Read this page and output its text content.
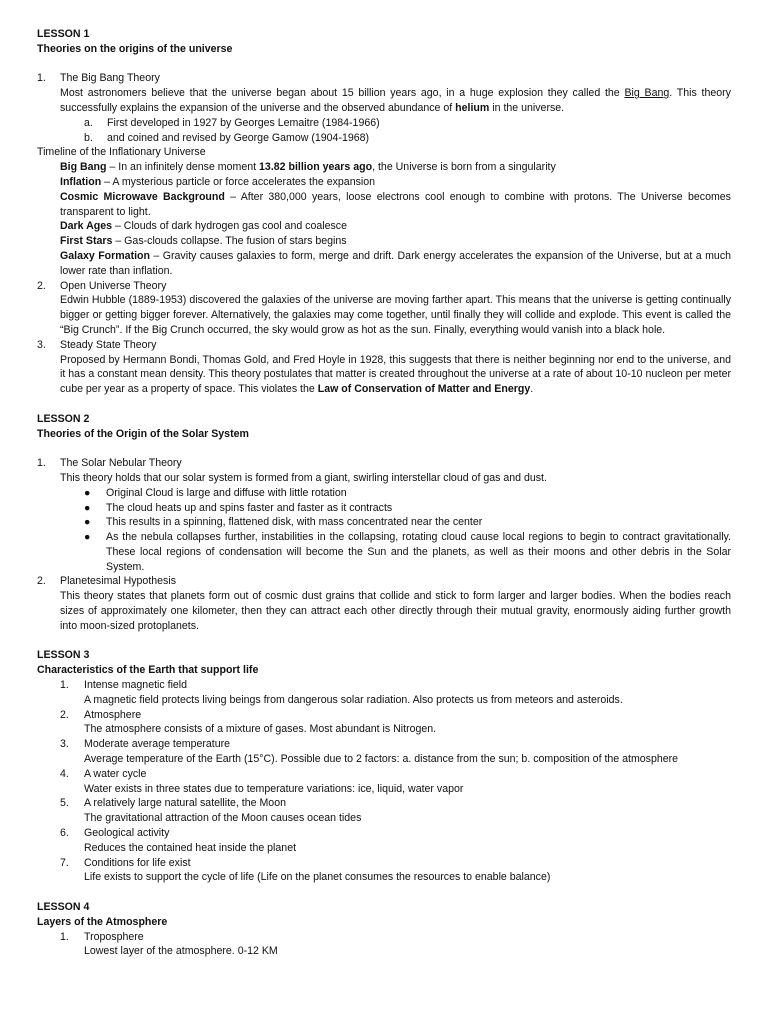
LESSON 1
Theories on the origins of the universe
1. The Big Bang Theory
Most astronomers believe that the universe began about 15 billion years ago, in a huge explosion they called the Big Bang. This theory successfully explains the expansion of the universe and the observed abundance of helium in the universe.
a. First developed in 1927 by Georges Lemaitre (1984-1966)
b. and coined and revised by George Gamow (1904-1968)
Timeline of the Inflationary Universe
Big Bang – In an infinitely dense moment 13.82 billion years ago, the Universe is born from a singularity
Inflation – A mysterious particle or force accelerates the expansion
Cosmic Microwave Background – After 380,000 years, loose electrons cool enough to combine with protons. The Universe becomes transparent to light.
Dark Ages – Clouds of dark hydrogen gas cool and coalesce
First Stars – Gas-clouds collapse. The fusion of stars begins
Galaxy Formation – Gravity causes galaxies to form, merge and drift. Dark energy accelerates the expansion of the Universe, but at a much lower rate than inflation.
2. Open Universe Theory
Edwin Hubble (1889-1953) discovered the galaxies of the universe are moving farther apart. This means that the universe is getting continually bigger or getting bigger forever. Alternatively, the galaxies may come together, until finally they will collide and explode. This event is called the “Big Crunch”. If the Big Crunch occurred, the sky would grow as hot as the sun. Finally, everything would vanish into a black hole.
3. Steady State Theory
Proposed by Hermann Bondi, Thomas Gold, and Fred Hoyle in 1928, this suggests that there is neither beginning nor end to the universe, and it has a constant mean density. This theory postulates that matter is created throughout the universe at a rate of about 10-10 nucleon per meter cube per year as a property of space. This violates the Law of Conservation of Matter and Energy.
LESSON 2
Theories of the Origin of the Solar System
1. The Solar Nebular Theory
This theory holds that our solar system is formed from a giant, swirling interstellar cloud of gas and dust.
● Original Cloud is large and diffuse with little rotation
● The cloud heats up and spins faster and faster as it contracts
● This results in a spinning, flattened disk, with mass concentrated near the center
● As the nebula collapses further, instabilities in the collapsing, rotating cloud cause local regions to begin to contract gravitationally. These local regions of condensation will become the Sun and the planets, as well as their moons and other debris in the Solar System.
2. Planetesimal Hypothesis
This theory states that planets form out of cosmic dust grains that collide and stick to form larger and larger bodies. When the bodies reach sizes of approximately one kilometer, then they can attract each other directly through their mutual gravity, enormously aiding further growth into moon-sized protoplanets.
LESSON 3
Characteristics of the Earth that support life
1. Intense magnetic field
A magnetic field protects living beings from dangerous solar radiation. Also protects us from meteors and asteroids.
2. Atmosphere
The atmosphere consists of a mixture of gases. Most abundant is Nitrogen.
3. Moderate average temperature
Average temperature of the Earth (15°C). Possible due to 2 factors: a. distance from the sun; b. composition of the atmosphere
4. A water cycle
Water exists in three states due to temperature variations: ice, liquid, water vapor
5. A relatively large natural satellite, the Moon
The gravitational attraction of the Moon causes ocean tides
6. Geological activity
Reduces the contained heat inside the planet
7. Conditions for life exist
Life exists to support the cycle of life (Life on the planet consumes the resources to enable balance)
LESSON 4
Layers of the Atmosphere
1. Troposphere
Lowest layer of the atmosphere. 0-12 KM
